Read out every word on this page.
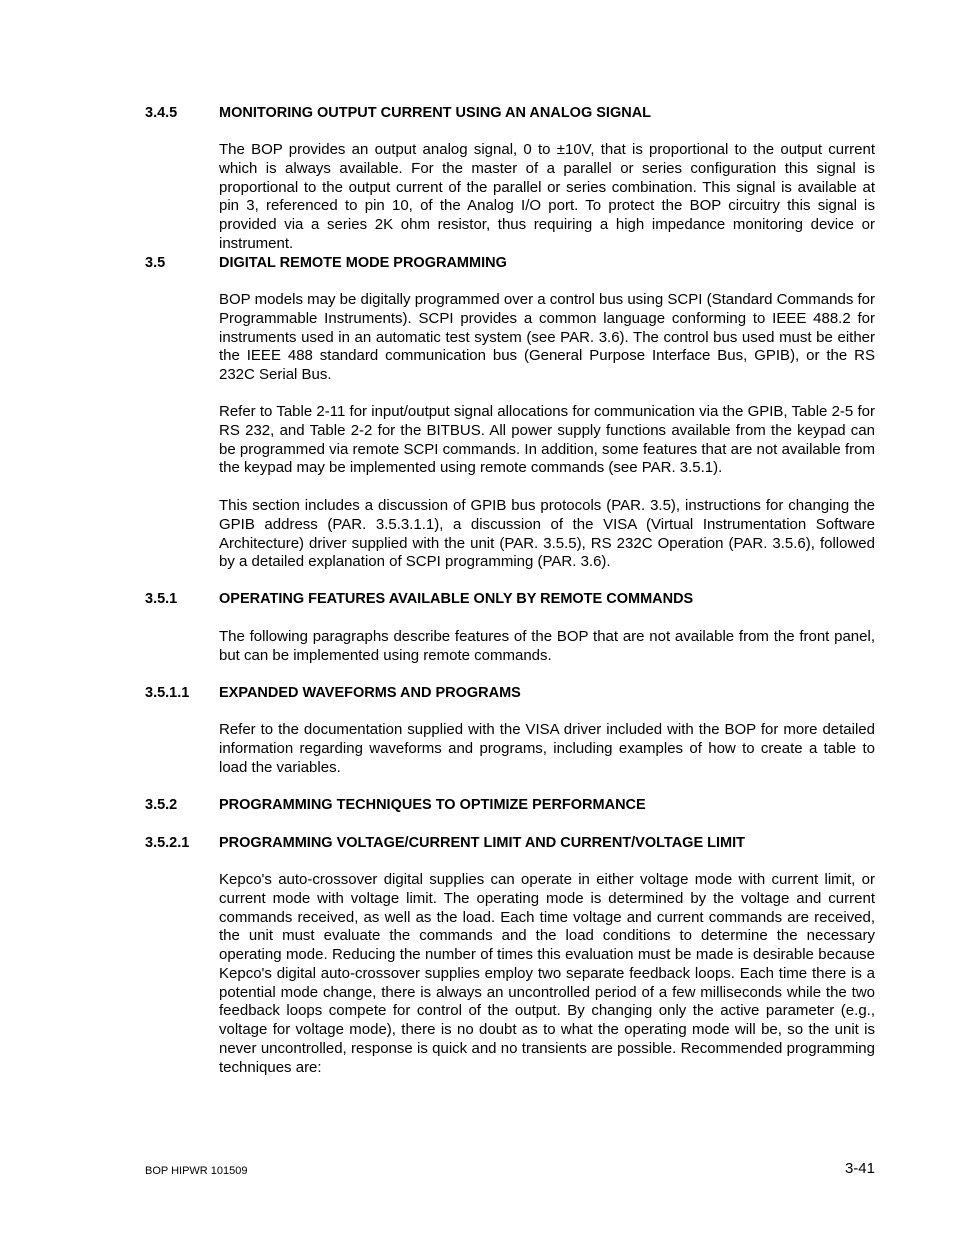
3.4.5	MONITORING OUTPUT CURRENT USING AN ANALOG SIGNAL

The BOP provides an output analog signal, 0 to ±10V, that is proportional to the output current which is always available. For the master of a parallel or series configuration this signal is proportional to the output current of the parallel or series combination. This signal is available at pin 3, referenced to pin 10, of the Analog I/O port. To protect the BOP circuitry this signal is provided via a series 2K ohm resistor, thus requiring a high impedance monitoring device or instrument.

3.5	DIGITAL REMOTE MODE PROGRAMMING

BOP models may be digitally programmed over a control bus using SCPI (Standard Commands for Programmable Instruments). SCPI provides a common language conforming to IEEE 488.2 for instruments used in an automatic test system (see PAR. 3.6). The control bus used must be either the IEEE 488 standard communication bus (General Purpose Interface Bus, GPIB), or the RS 232C Serial Bus.

Refer to Table 2-11 for input/output signal allocations for communication via the GPIB, Table 2-5 for RS 232, and Table 2-2 for the BITBUS. All power supply functions available from the keypad can be programmed via remote SCPI commands. In addition, some features that are not available from the keypad may be implemented using remote commands (see PAR. 3.5.1).

This section includes a discussion of GPIB bus protocols (PAR. 3.5), instructions for changing the GPIB address (PAR. 3.5.3.1.1), a discussion of the VISA (Virtual Instrumentation Software Architecture) driver supplied with the unit (PAR. 3.5.5), RS 232C Operation (PAR. 3.5.6), followed by a detailed explanation of SCPI programming (PAR. 3.6).

3.5.1	OPERATING FEATURES AVAILABLE ONLY BY REMOTE COMMANDS

The following paragraphs describe features of the BOP that are not available from the front panel, but can be implemented using remote commands.

3.5.1.1 EXPANDED WAVEFORMS AND PROGRAMS

Refer to the documentation supplied with the VISA driver included with the BOP for more detailed information regarding waveforms and programs, including examples of how to create a table to load the variables.

3.5.2	PROGRAMMING TECHNIQUES TO OPTIMIZE PERFORMANCE
3.5.2.1 PROGRAMMING VOLTAGE/CURRENT LIMIT AND CURRENT/VOLTAGE LIMIT

Kepco's auto-crossover digital supplies can operate in either voltage mode with current limit, or current mode with voltage limit. The operating mode is determined by the voltage and current commands received, as well as the load. Each time voltage and current commands are received, the unit must evaluate the commands and the load conditions to determine the necessary operating mode. Reducing the number of times this evaluation must be made is desirable because Kepco's digital auto-crossover supplies employ two separate feedback loops. Each time there is a potential mode change, there is always an uncontrolled period of a few milliseconds while the two feedback loops compete for control of the output. By changing only the active parameter (e.g., voltage for voltage mode), there is no doubt as to what the operating mode will be, so the unit is never uncontrolled, response is quick and no transients are possible. Recommended programming techniques are:

BOP HIPWR 101509	3-41
